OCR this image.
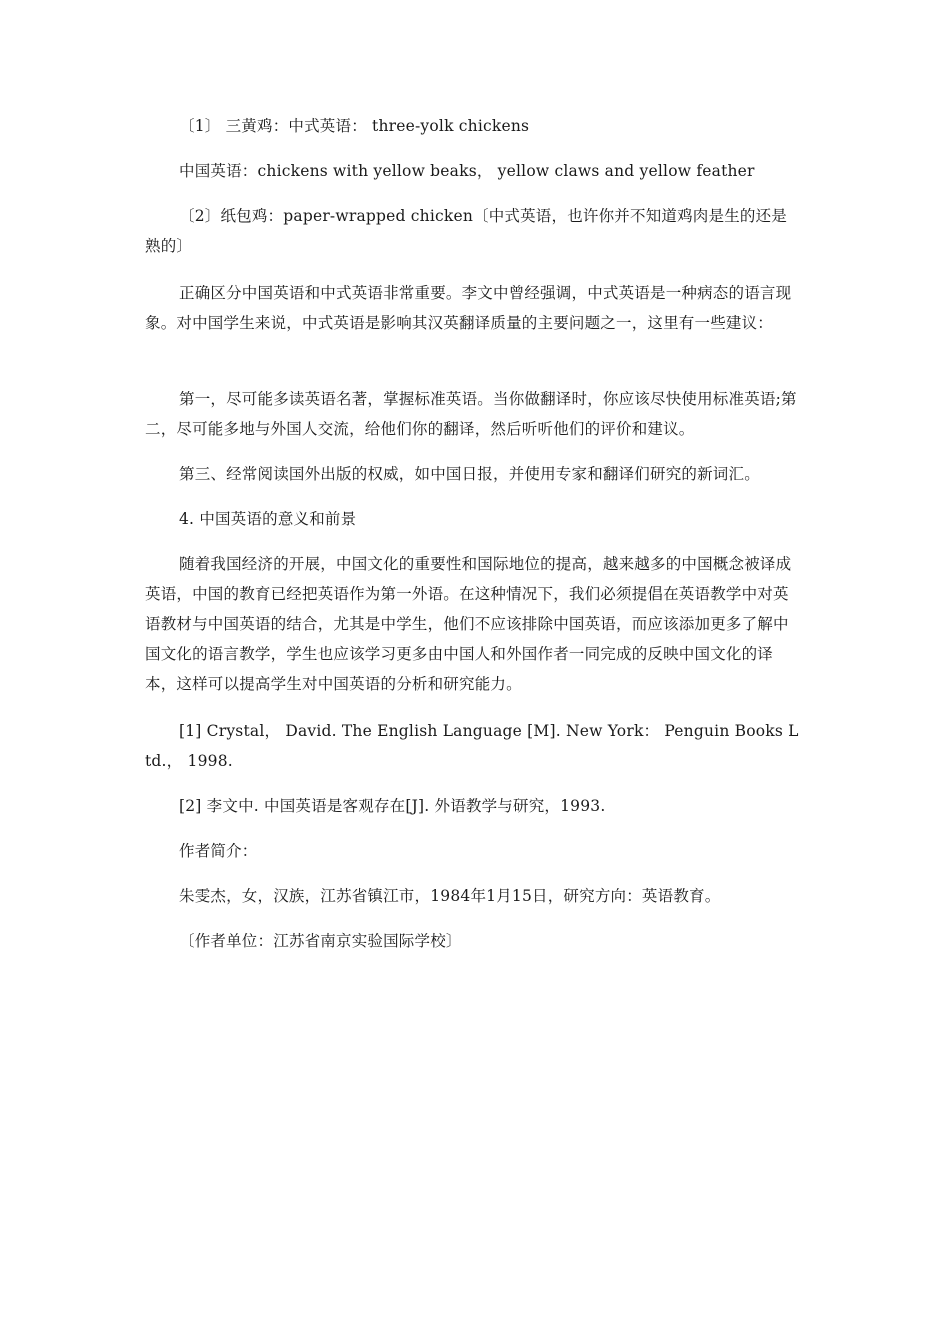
〔1〕 三黄鸡：中式英语： three-yolk chickens

中国英语：chickens with yellow beaks， yellow claws and yellow feather

〔2〕纸包鸡：paper-wrapped chicken〔中式英语，也许你并不知道鸡肉是生的还是熟的〕

正确区分中国英语和中式英语非常重要。李文中曾经强调，中式英语是一种病态的语言现象。对中国学生来说，中式英语是影响其汉英翻译质量的主要问题之一，这里有一些建议：

第一，尽可能多读英语名著，掌握标准英语。当你做翻译时，你应该尽快使用标准英语;第二，尽可能多地与外国人交流，给他们你的翻译，然后听听他们的评价和建议。

第三、经常阅读国外出版的权威，如中国日报，并使用专家和翻译们研究的新词汇。

4. 中国英语的意义和前景

随着我国经济的开展，中国文化的重要性和国际地位的提高，越来越多的中国概念被译成英语，中国的教育已经把英语作为第一外语。在这种情况下，我们必须提倡在英语教学中对英语教材与中国英语的结合，尤其是中学生，他们不应该排除中国英语，而应该添加更多了解中国文化的语言教学，学生也应该学习更多由中国人和外国作者一同完成的反映中国文化的译本，这样可以提高学生对中国英语的分析和研究能力。

[1] Crystal， David. The English Language [M]. New York： Penguin Books Ltd.， 1998.

[2] 李文中. 中国英语是客观存在[J]. 外语教学与研究，1993.

作者简介：

朱雯杰，女，汉族，江苏省镇江市，1984年1月15日，研究方向：英语教育。

〔作者单位：江苏省南京实验国际学校〕
